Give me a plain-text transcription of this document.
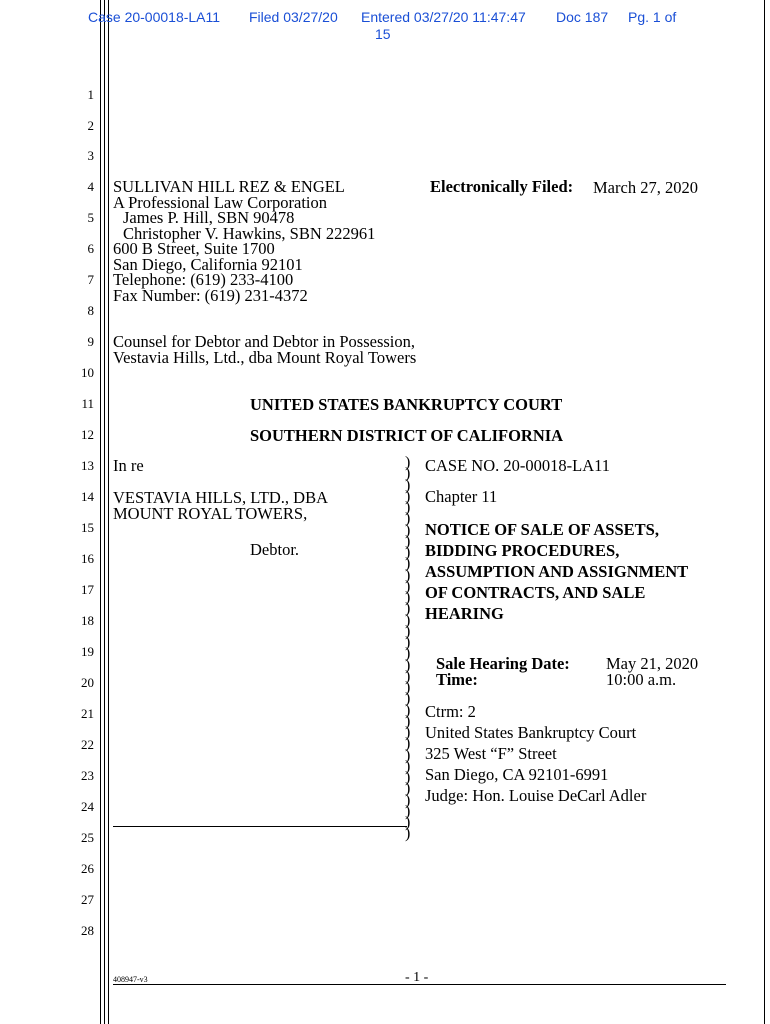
Case 20-00018-LA11 Filed 03/27/20 Entered 03/27/20 11:47:47 Doc 187 Pg. 1 of
15
1
2
3
4
5
6
7
8
9
10
11
12
13
14
15
16
17
18
19
20
21
22
23
24
25
26
27
28
SULLIVAN HILL REZ & ENGEL
A Professional Law Corporation
James P. Hill, SBN 90478
Christopher V. Hawkins, SBN 222961
600 B Street, Suite 1700
San Diego, California 92101
Telephone: (619) 233-4100
Fax Number: (619) 231-4372
Electronically Filed: March 27, 2020
Counsel for Debtor and Debtor in Possession,
Vestavia Hills, Ltd., dba Mount Royal Towers
UNITED STATES BANKRUPTCY COURT
SOUTHERN DISTRICT OF CALIFORNIA
In re
VESTAVIA HILLS, LTD., DBA
MOUNT ROYAL TOWERS,
Debtor.
)
)
)
)
)
)
)
)
)
)
)
)
)
)
)
)
)
)
)
)
)
)
)
)
)
)
)
)
)
)
)
)
)
)
CASE NO. 20-00018-LA11
Chapter 11
NOTICE OF SALE OF ASSETS,
BIDDING PROCEDURES,
ASSUMPTION AND ASSIGNMENT
OF CONTRACTS, AND SALE
HEARING
Sale Hearing Date: May 21, 2020
Time:	10:00 a.m.
Ctrm: 2
United States Bankruptcy Court
325 West “F” Street
San Diego, CA 92101-6991
Judge: Hon. Louise DeCarl Adler
408947-v3	- 1 -
